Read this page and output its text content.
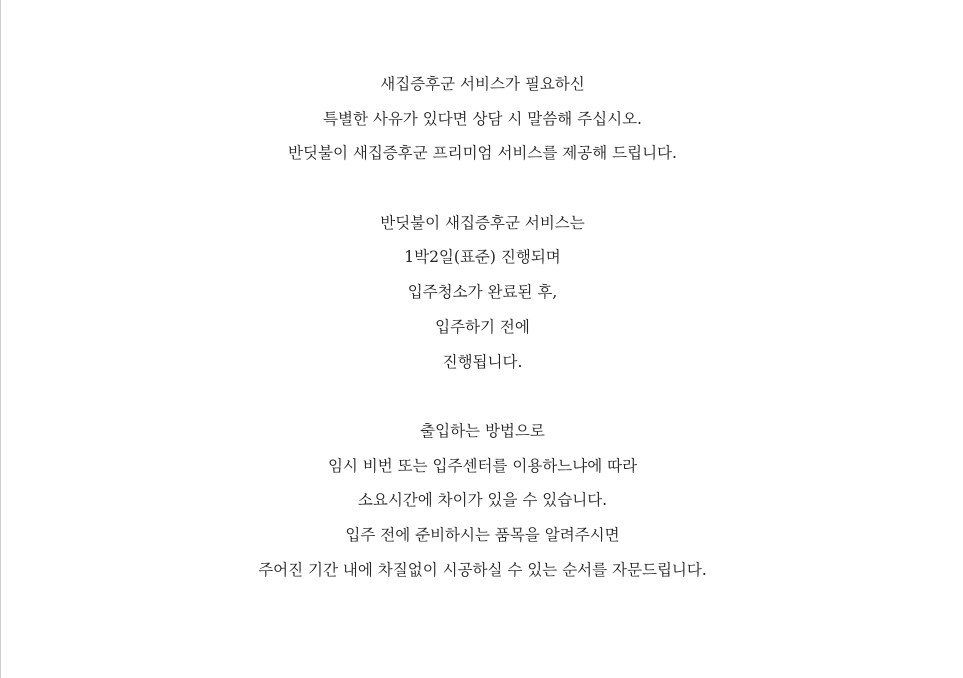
새집증후군 서비스가 필요하신
특별한 사유가 있다면 상담 시 말씀해 주십시오.
반딧불이 새집증후군 프리미엄 서비스를 제공해 드립니다.
반딧불이 새집증후군 서비스는
1박2일(표준) 진행되며
입주청소가 완료된 후,
입주하기 전에
진행됩니다.
출입하는 방법으로
임시 비번 또는 입주센터를 이용하느냐에 따라
소요시간에 차이가 있을 수 있습니다.
입주 전에 준비하시는 품목을 알려주시면
주어진 기간 내에 차질없이 시공하실 수 있는 순서를 자문드립니다.
